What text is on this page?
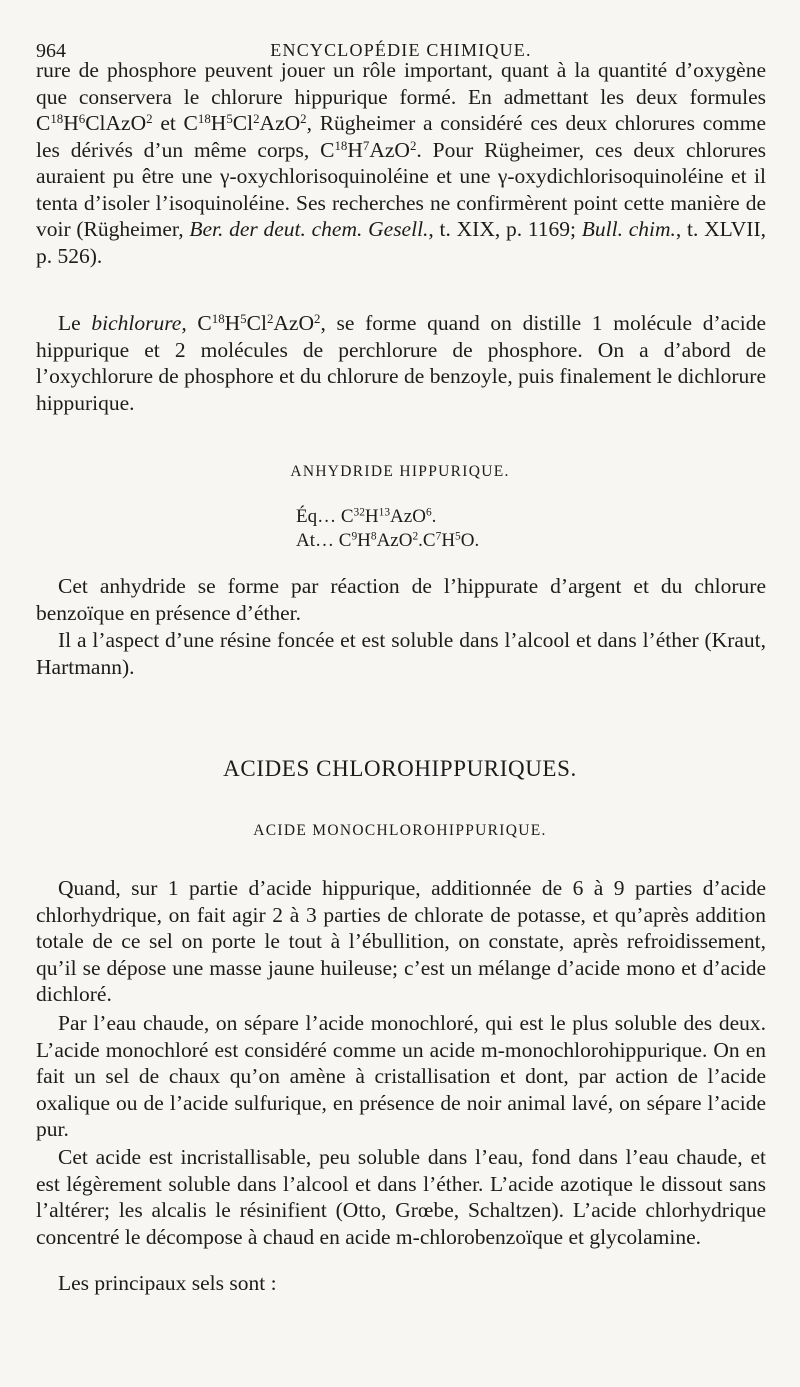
964	ENCYCLOPÉDIE CHIMIQUE.

rure de phosphore peuvent jouer un rôle important, quant à la quantité d’oxygène que conservera le chlorure hippurique formé. En admettant les deux formules $C^{18}H^6ClAzO^2$ et $C^{18}H^5Cl^2AzO^2$, Rügheimer a considéré ces deux chlorures comme les dérivés d’un même corps, $C^{18}H^7AzO^2$. Pour Rügheimer, ces deux chlorures auraient pu être une γ-oxychlorisoquinoléine et une γ-oxydichlorisoquinoléine et il tenta d’isoler l’isoquinoléine. Ses recherches ne confirmèrent point cette manière de voir (Rügheimer, Ber. der deut. chem. Gesell., t. XIX, p. 1169; Bull. chim., t. XLVII, p. 526).

Le bichlorure, $C^{18}H^5Cl^2AzO^2$, se forme quand on distille 1 molécule d’acide hippurique et 2 molécules de perchlorure de phosphore. On a d’abord de l’oxychlorure de phosphore et du chlorure de benzoyle, puis finalement le dichlorure hippurique.

ANHYDRIDE HIPPURIQUE.
Éq… $C^{32}H^{13}AzO^6$.
At… $C^9H^8AzO^2.C^7H^5O$.

Cet anhydride se forme par réaction de l’hippurate d’argent et du chlorure benzoïque en présence d’éther.

Il a l’aspect d’une résine foncée et est soluble dans l’alcool et dans l’éther (Kraut, Hartmann).

ACIDES CHLOROHIPPURIQUES.
ACIDE MONOCHLOROHIPPURIQUE.

Quand, sur 1 partie d’acide hippurique, additionnée de 6 à 9 parties d’acide chlorhydrique, on fait agir 2 à 3 parties de chlorate de potasse, et qu’après addition totale de ce sel on porte le tout à l’ébullition, on constate, après refroidissement, qu’il se dépose une masse jaune huileuse; c’est un mélange d’acide mono et d’acide dichloré.

Par l’eau chaude, on sépare l’acide monochloré, qui est le plus soluble des deux. L’acide monochloré est considéré comme un acide m-monochlorohippurique. On en fait un sel de chaux qu’on amène à cristallisation et dont, par action de l’acide oxalique ou de l’acide sulfurique, en présence de noir animal lavé, on sépare l’acide pur.

Cet acide est incristallisable, peu soluble dans l’eau, fond dans l’eau chaude, et est légèrement soluble dans l’alcool et dans l’éther. L’acide azotique le dissout sans l’altérer; les alcalis le résinifient (Otto, Grœbe, Schaltzen). L’acide chlorhydrique concentré le décompose à chaud en acide m-chlorobenzoïque et glycolamine.

Les principaux sels sont :
